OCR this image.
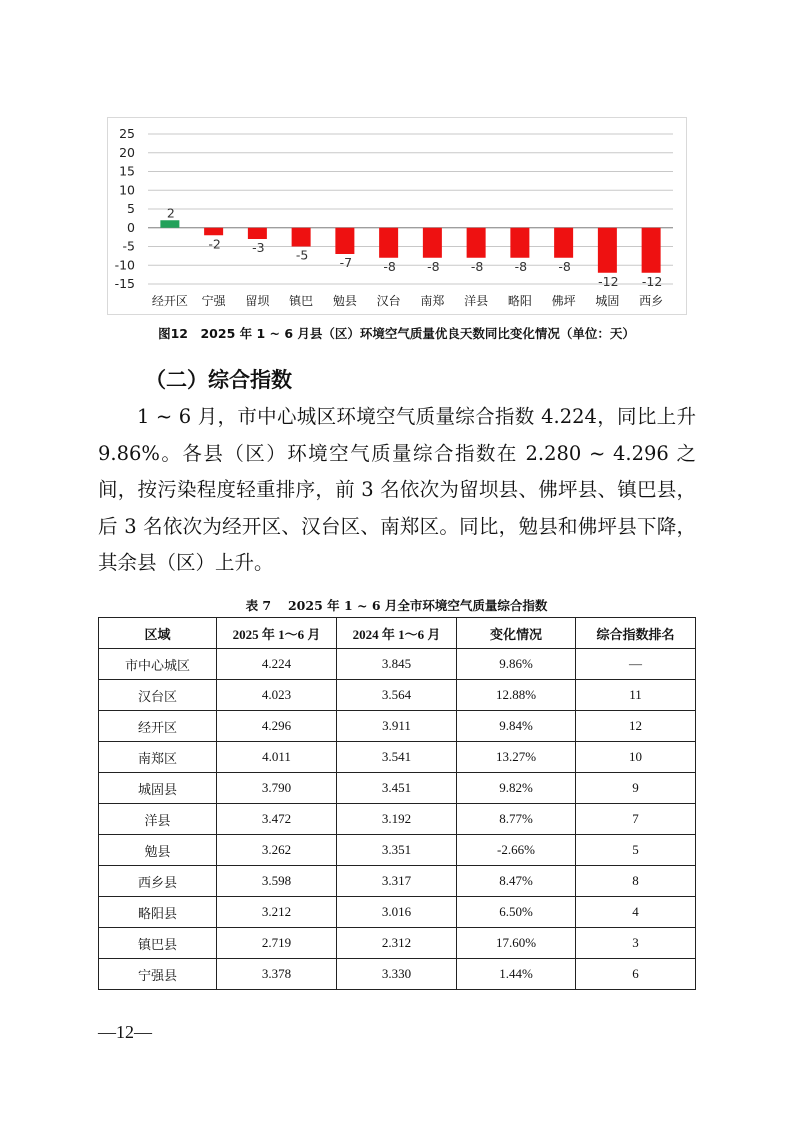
25
20
15
10
5
0
-5
-10
-15
2
经开区
-2
宁强
-3
留坝
-5
镇巴
-7
勉县
-8
汉台
-8
南郑
-8
洋县
-8
略阳
-8
佛坪
-12
城固
-12
西乡
图12　2025 年 1 ~ 6 月县（区）环境空气质量优良天数同比变化情况（单位：天）
（二）综合指数
1 ~ 6 月，市中心城区环境空气质量综合指数 4.224，同比上升 9.86%。各县（区）环境空气质量综合指数在 2.280 ~ 4.296 之间，按污染程度轻重排序，前 3 名依次为留坝县、佛坪县、镇巴县，后 3 名依次为经开区、汉台区、南郑区。同比，勉县和佛坪县下降，其余县（区）上升。
表 7　 2025 年 1 ~ 6 月全市环境空气质量综合指数
区域	2025 年 1～6 月	2024 年 1～6 月	变化情况	综合指数排名
市中心城区	4.224	3.845	9.86%	—
汉台区	4.023	3.564	12.88%	11
经开区	4.296	3.911	9.84%	12
南郑区	4.011	3.541	13.27%	10
城固县	3.790	3.451	9.82%	9
洋县	3.472	3.192	8.77%	7
勉县	3.262	3.351	-2.66%	5
西乡县	3.598	3.317	8.47%	8
略阳县	3.212	3.016	6.50%	4
镇巴县	2.719	2.312	17.60%	3
宁强县	3.378	3.330	1.44%	6
—12—
